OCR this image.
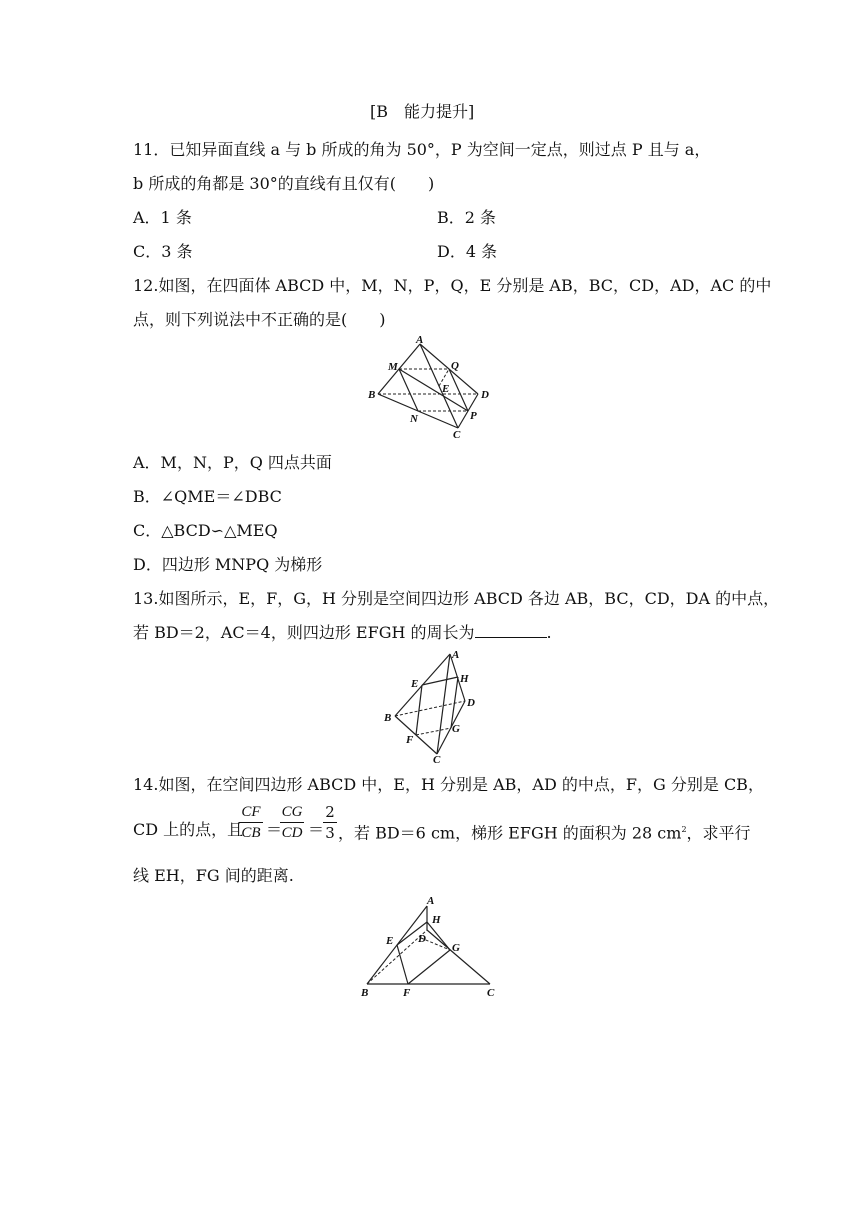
[B　能力提升]
11．已知异面直线 a 与 b 所成的角为 50°，P 为空间一定点，则过点 P 且与 a，
b 所成的角都是 30°的直线有且仅有(　　)
A．1 条	B．2 条
C．3 条	D．4 条
12.如图，在四面体 ABCD 中，M，N，P，Q，E 分别是 AB，BC，CD，AD，AC 的中
点，则下列说法中不正确的是(　　)
A
M	Q
E	D
B
P
N
C
A．M，N，P，Q 四点共面
B．∠QME＝∠DBC
C．△BCD∽△MEQ
D．四边形 MNPQ 为梯形
13.如图所示，E，F，G，H 分别是空间四边形 ABCD 各边 AB，BC，CD，DA 的中点，
若 BD＝2，AC＝4，则四边形 EFGH 的周长为	.
A
E	H
D
B
G
F
C
14.如图，在空间四边形 ABCD 中，E，H 分别是 AB，AD 的中点，F，G 分别是 CB，
CD 上的点，且
CF
CB ＝
CG
CD ＝
2
3 ，若 BD＝6 cm，梯形 EFGH 的面积为 28 $cm^2$，求平行
线 EH，FG 间的距离.
A
H
E D
G
B	F	C
